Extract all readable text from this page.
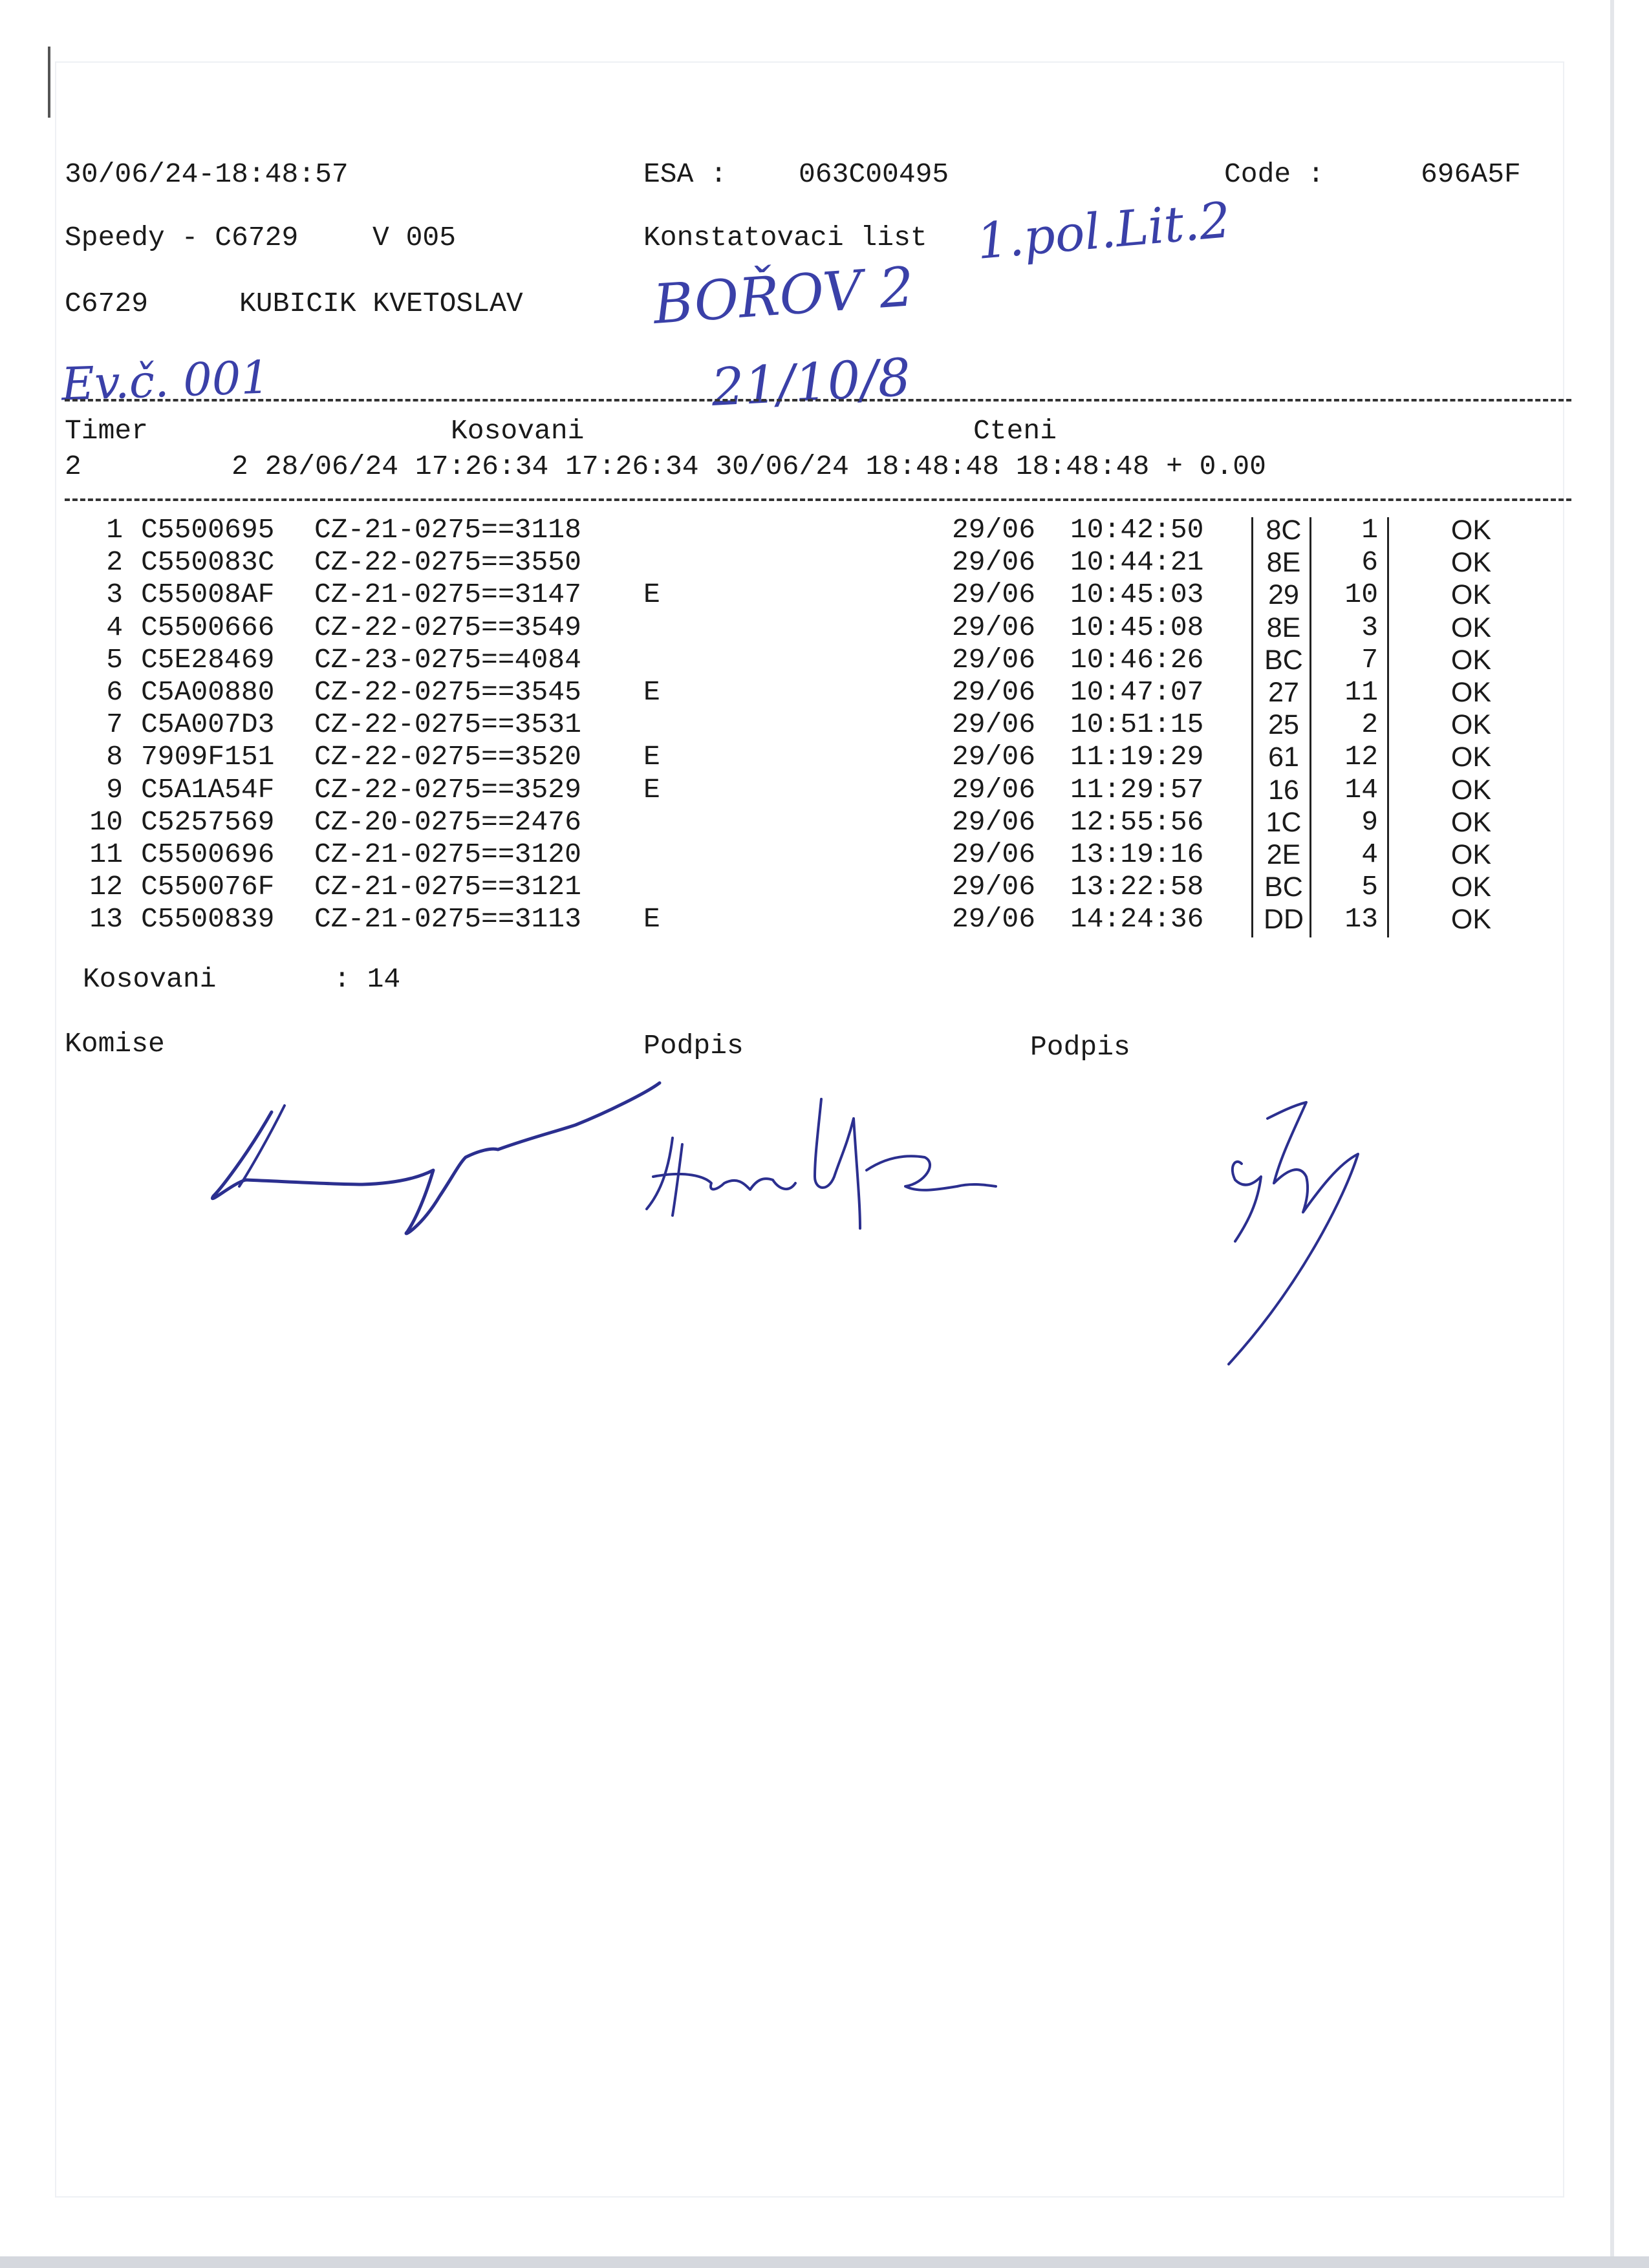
30/06/24-18:48:57	ESA :	063C00495	Code :	696A5F
Speedy - C6729	V 005	Konstatovaci list 1.pol.Lit.2
C6729	KUBICIK KVETOSLAV BOŘOV 2
Ev.č. 001	21/10/8
Timer	Kosovani	Cteni
2         2 28/06/24 17:26:34 17:26:34 30/06/24 18:48:48 18:48:48 + 0.00
1 C5500695	CZ-21-0275==3118	29/06	10:42:50	8C	1	OK
2 C550083C	CZ-22-0275==3550	29/06	10:44:21	8E	6	OK
3 C55008AF	CZ-21-0275==3147	E	29/06	10:45:03	29	10	OK
4 C5500666	CZ-22-0275==3549	29/06	10:45:08	8E	3	OK
5 C5E28469	CZ-23-0275==4084	29/06	10:46:26	BC	7	OK
6 C5A00880	CZ-22-0275==3545	E	29/06	10:47:07	27	11	OK
7 C5A007D3	CZ-22-0275==3531	29/06	10:51:15	25	2	OK
8 7909F151	CZ-22-0275==3520	E	29/06	11:19:29	61	12	OK
9 C5A1A54F	CZ-22-0275==3529	E	29/06	11:29:57	16	14	OK
10 C5257569	CZ-20-0275==2476	29/06	12:55:56	1C	9	OK
11 C5500696	CZ-21-0275==3120	29/06	13:19:16	2E	4	OK
12 C550076F	CZ-21-0275==3121	29/06	13:22:58	BC	5	OK
13 C5500839	CZ-21-0275==3113	E	29/06	14:24:36	DD	13	OK
Kosovani	: 14
Komise	Podpis	Podpis
